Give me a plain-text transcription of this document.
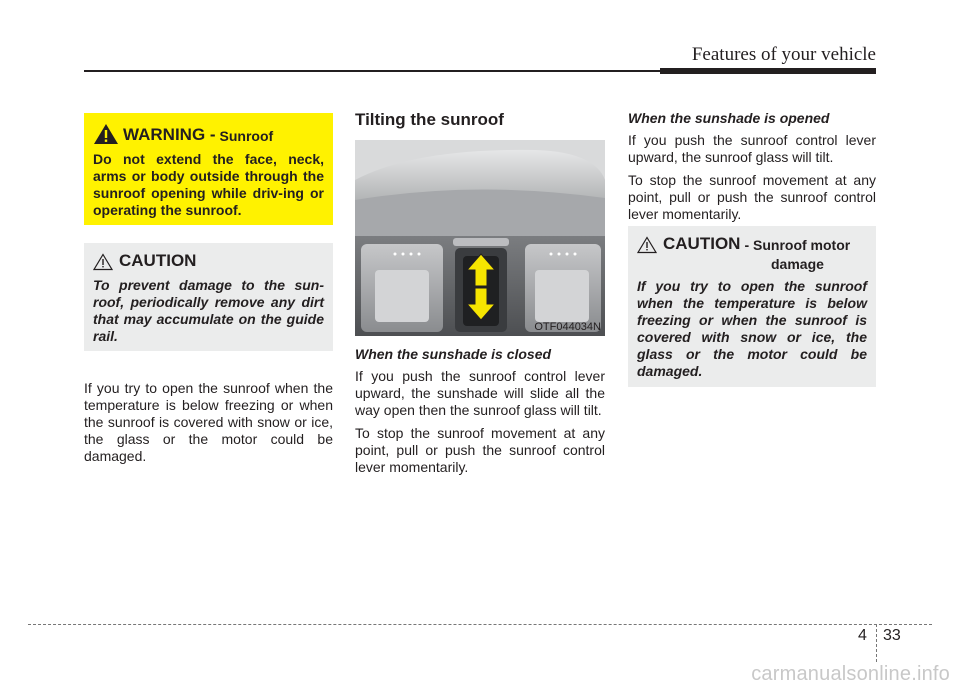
Features of your vehicle
WARNING - Sunroof
Do not extend the face, neck, arms or body outside through the sunroof opening while driv-ing or operating the sunroof.
CAUTION
To prevent damage to the sun-roof, periodically remove any dirt that may accumulate on the guide rail.
If you try to open the sunroof when the temperature is below freezing or when the sunroof is covered with snow or ice, the glass or the motor could be damaged.
Tilting the sunroof
OTF044034N
When the sunshade is closed

If you push the sunroof control lever upward, the sunshade will slide all the way open then the sunroof glass will tilt.

To stop the sunroof movement at any point, pull or push the sunroof control lever momentarily.

When the sunshade is opened

If you push the sunroof control lever upward, the sunroof glass will tilt.

To stop the sunroof movement at any point, pull or push the sunroof control lever momentarily.

CAUTION - Sunroof motor
damage
If you try to open the sunroof when the temperature is below freezing or when the sunroof is covered with snow or ice, the glass or the motor could be damaged.
4 33
carmanualsonline.info
